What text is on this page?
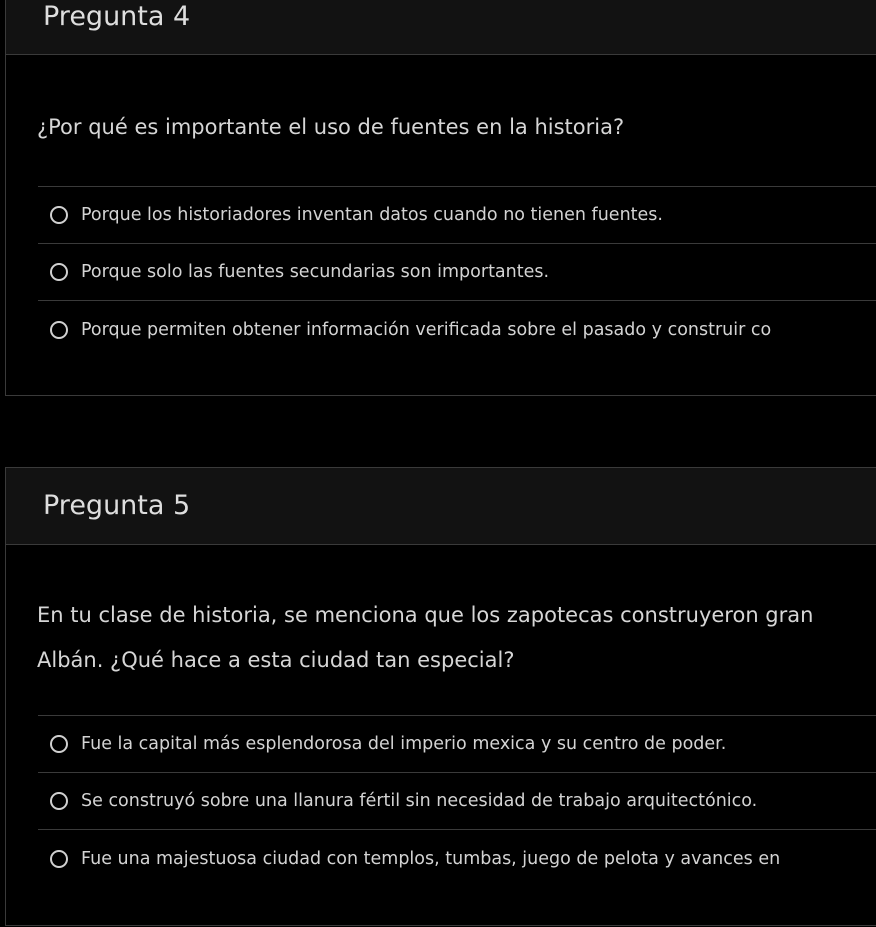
Pregunta 4
¿Por qué es importante el uso de fuentes en la historia?
Porque los historiadores inventan datos cuando no tienen fuentes.
Porque solo las fuentes secundarias son importantes.
Porque permiten obtener información verificada sobre el pasado y construir co
Pregunta 5
En tu clase de historia, se menciona que los zapotecas construyeron gran
Albán. ¿Qué hace a esta ciudad tan especial?
Fue la capital más esplendorosa del imperio mexica y su centro de poder.
Se construyó sobre una llanura fértil sin necesidad de trabajo arquitectónico.
Fue una majestuosa ciudad con templos, tumbas, juego de pelota y avances en
